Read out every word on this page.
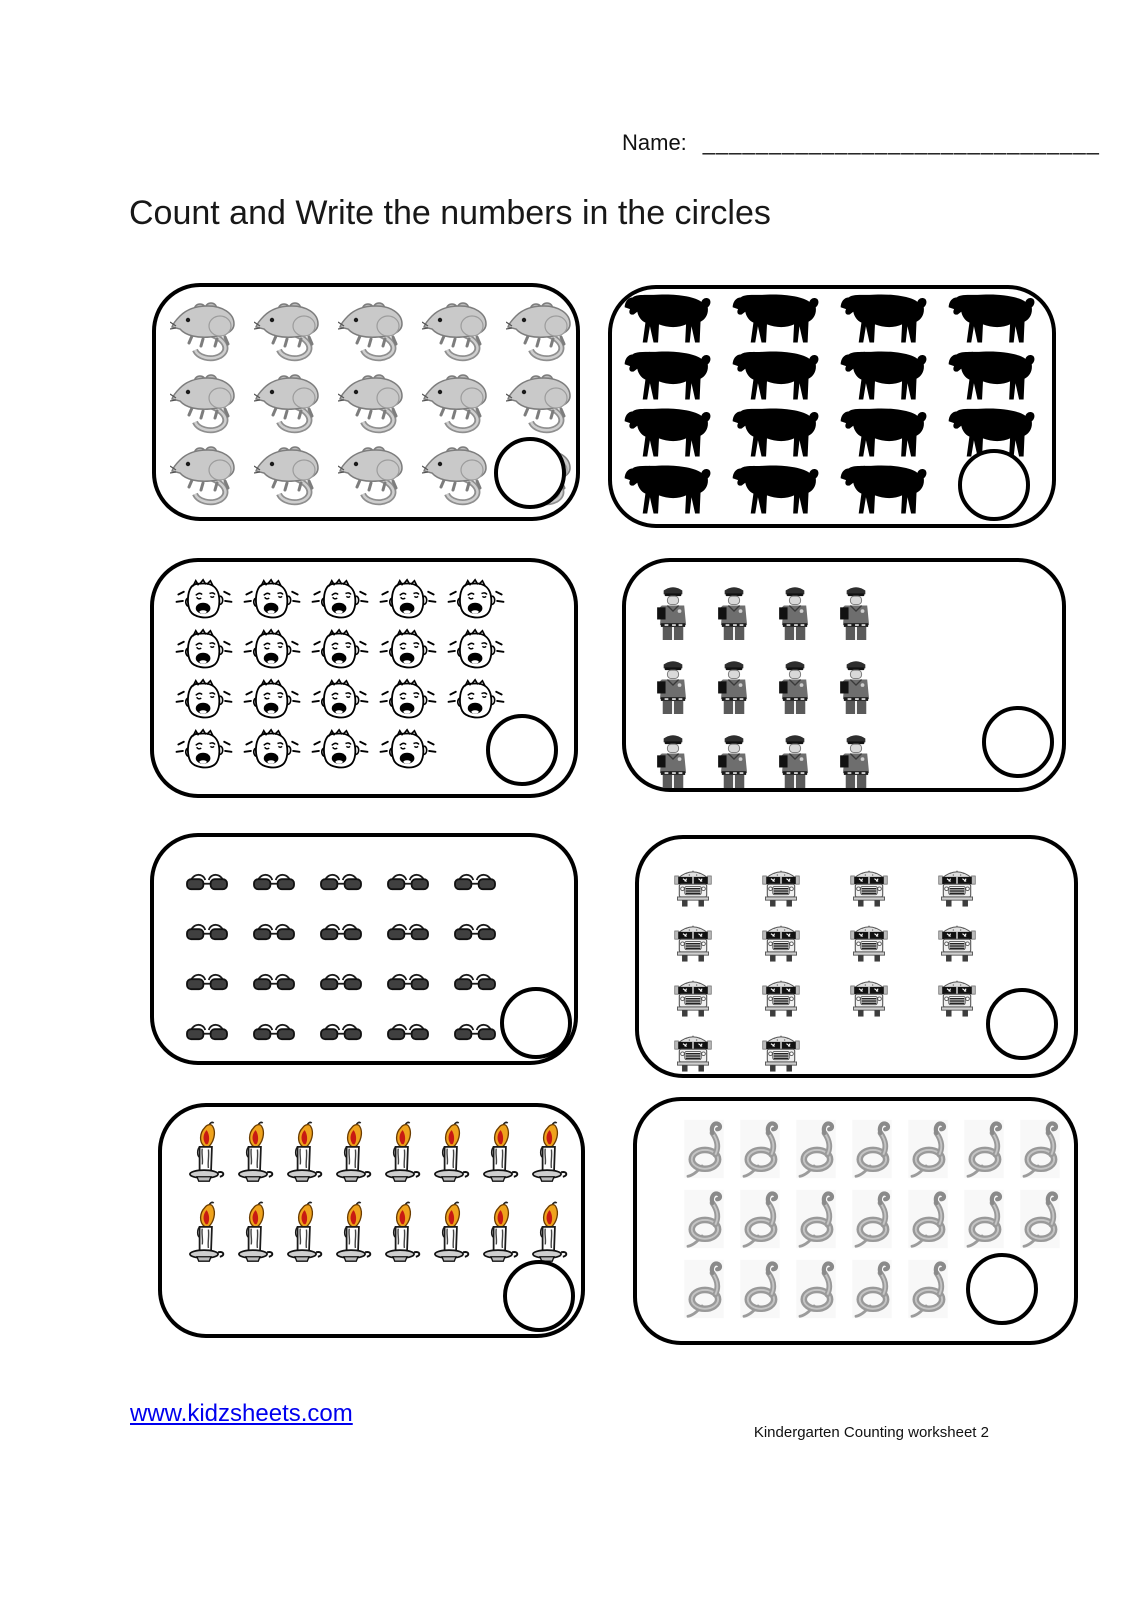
Name: ______________________________
Count and Write the numbers in the circles
www.kidzsheets.com
Kindergarten Counting worksheet 2
